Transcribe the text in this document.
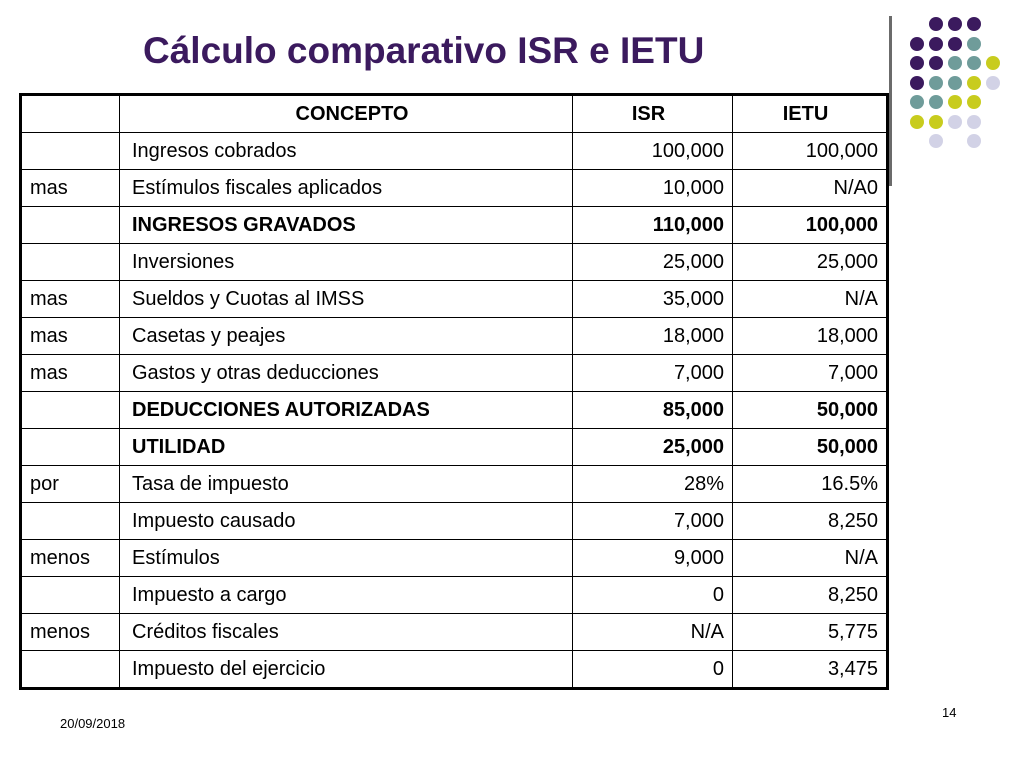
Cálculo comparativo ISR e IETU
	CONCEPTO	ISR	IETU
	Ingresos cobrados	100,000	100,000
mas	Estímulos fiscales aplicados	10,000	N/A0
	INGRESOS GRAVADOS	110,000	100,000
	Inversiones	25,000	25,000
mas	Sueldos y Cuotas al IMSS	35,000	N/A
mas	Casetas y peajes	18,000	18,000
mas	Gastos y otras deducciones	7,000	7,000
	DEDUCCIONES AUTORIZADAS	85,000	50,000
	UTILIDAD	25,000	50,000
por	Tasa de impuesto	28%	16.5%
	Impuesto causado	7,000	8,250
menos	Estímulos	9,000	N/A
	Impuesto a cargo	0	8,250
menos	Créditos fiscales	N/A	5,775
	Impuesto del ejercicio	0	3,475
20/09/2018
14
